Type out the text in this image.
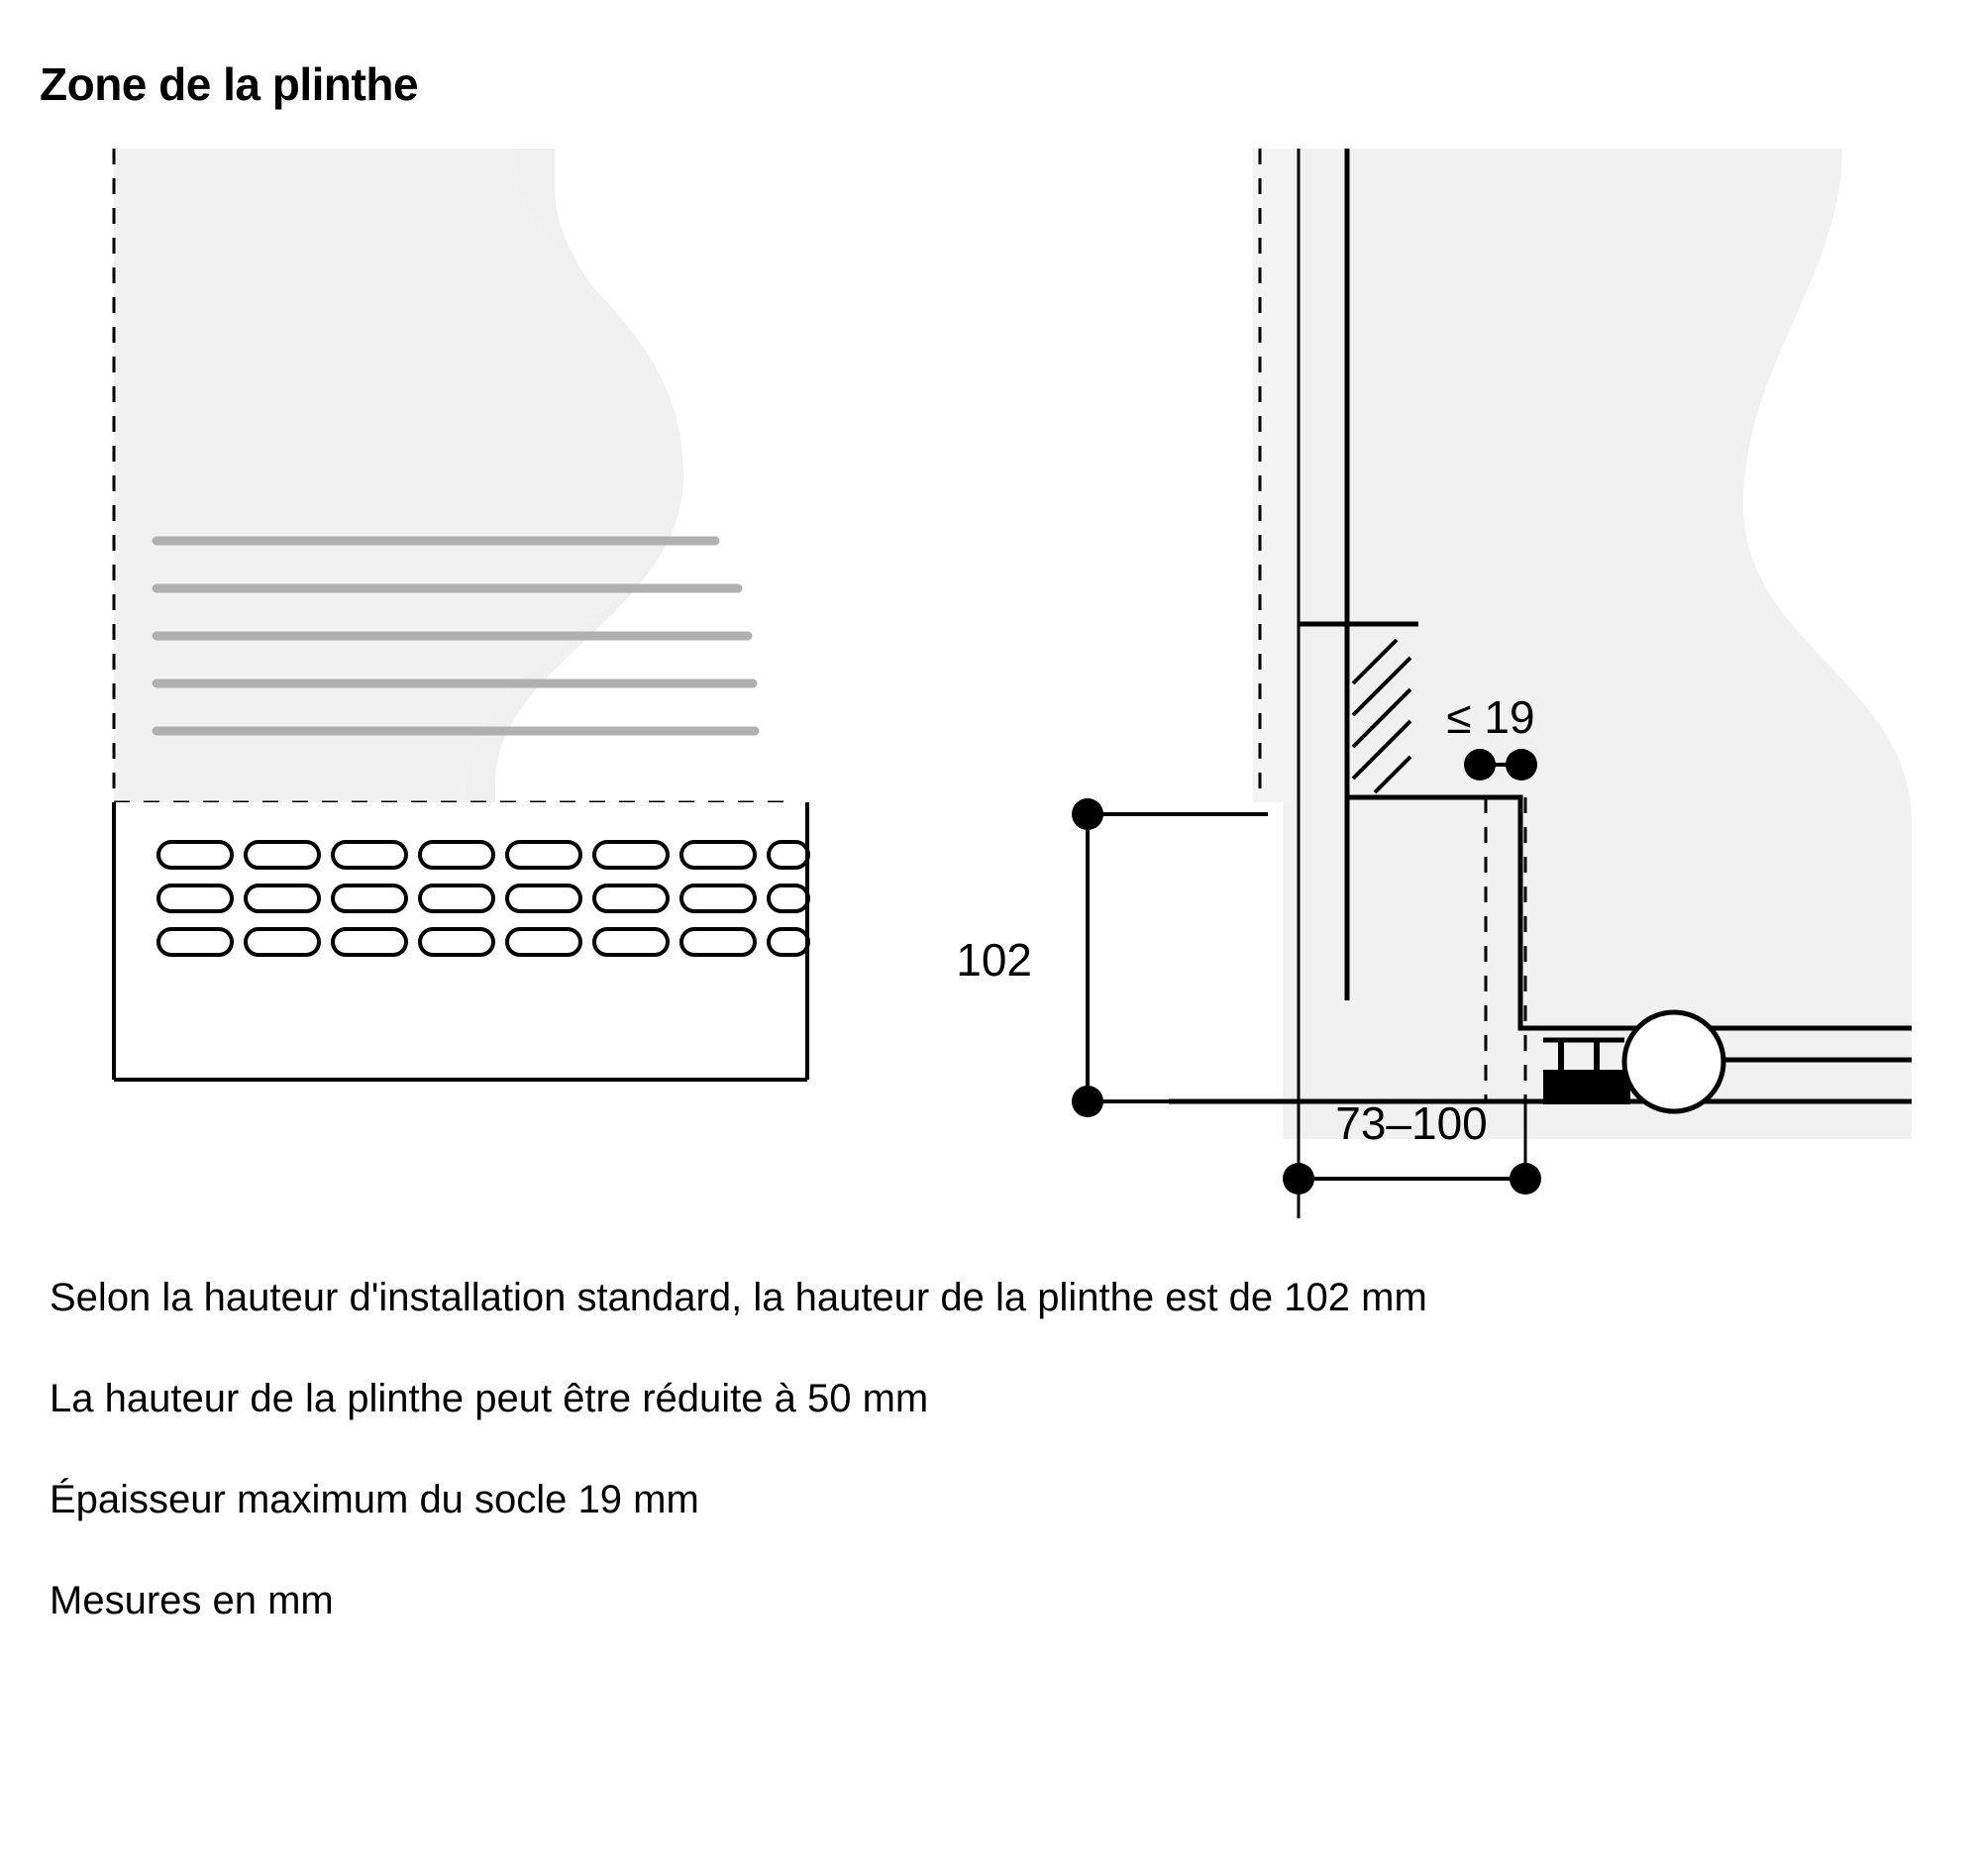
Zone de la plinthe
102
73–100
≤ 19
Selon la hauteur d'installation standard, la hauteur de la plinthe est de 102 mm
La hauteur de la plinthe peut être réduite à 50 mm
Épaisseur maximum du socle 19 mm
Mesures en mm
